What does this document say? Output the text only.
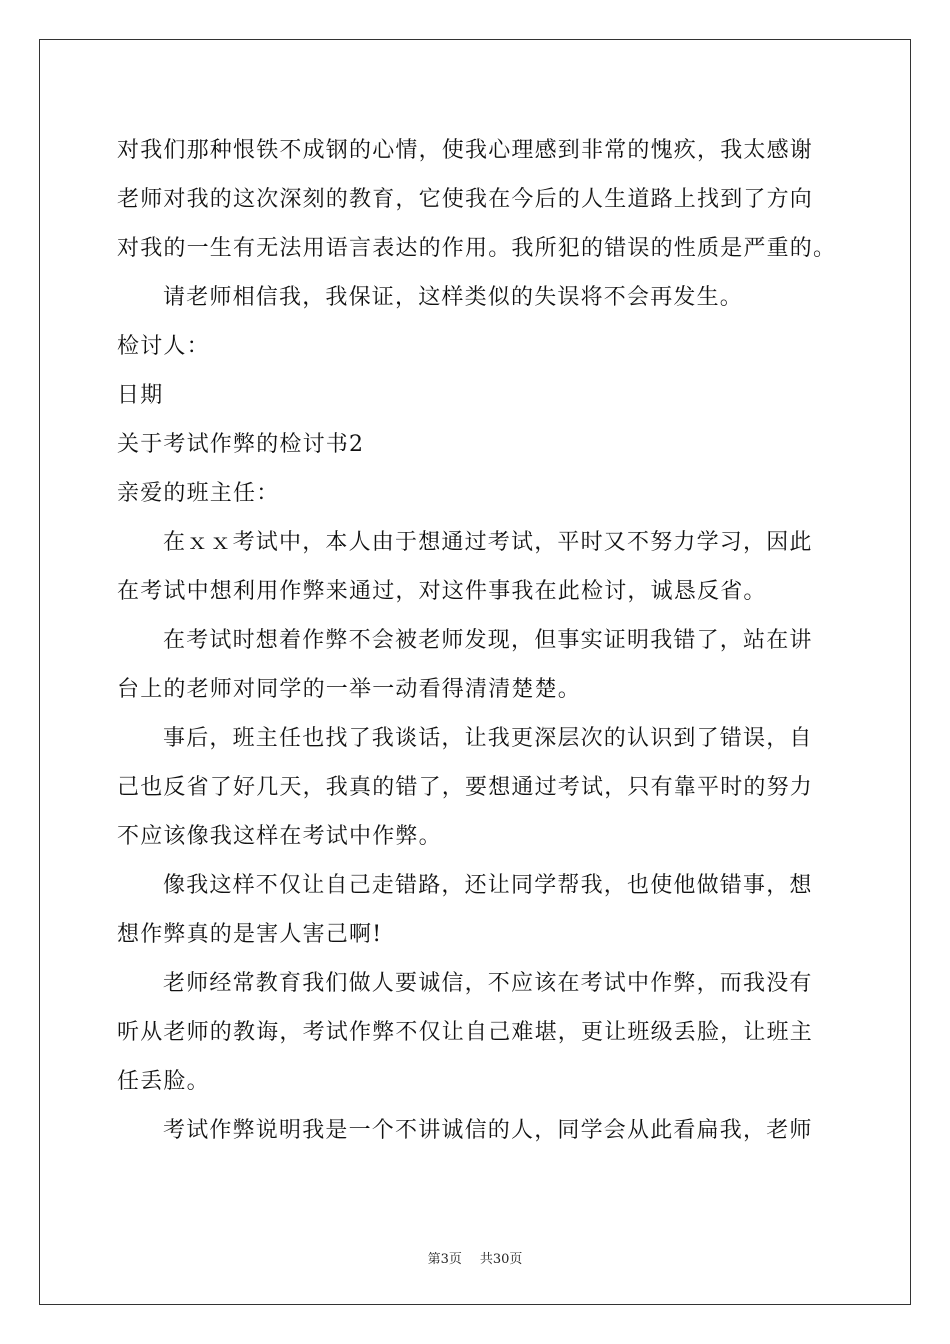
对我们那种恨铁不成钢的心情，使我心理感到非常的愧疚，我太感谢
老师对我的这次深刻的教育，它使我在今后的人生道路上找到了方向
对我的一生有无法用语言表达的作用。我所犯的错误的性质是严重的。
请老师相信我，我保证，这样类似的失误将不会再发生。
检讨人：
日期
关于考试作弊的检讨书2
亲爱的班主任：
在ｘｘ考试中，本人由于想通过考试，平时又不努力学习，因此
在考试中想利用作弊来通过，对这件事我在此检讨，诚恳反省。
在考试时想着作弊不会被老师发现，但事实证明我错了，站在讲
台上的老师对同学的一举一动看得清清楚楚。
事后，班主任也找了我谈话，让我更深层次的认识到了错误，自
己也反省了好几天，我真的错了，要想通过考试，只有靠平时的努力
不应该像我这样在考试中作弊。
像我这样不仅让自己走错路，还让同学帮我，也使他做错事，想
想作弊真的是害人害己啊!
老师经常教育我们做人要诚信，不应该在考试中作弊，而我没有
听从老师的教诲，考试作弊不仅让自己难堪，更让班级丢脸，让班主
任丢脸。
考试作弊说明我是一个不讲诚信的人，同学会从此看扁我，老师
第3页 共30页
